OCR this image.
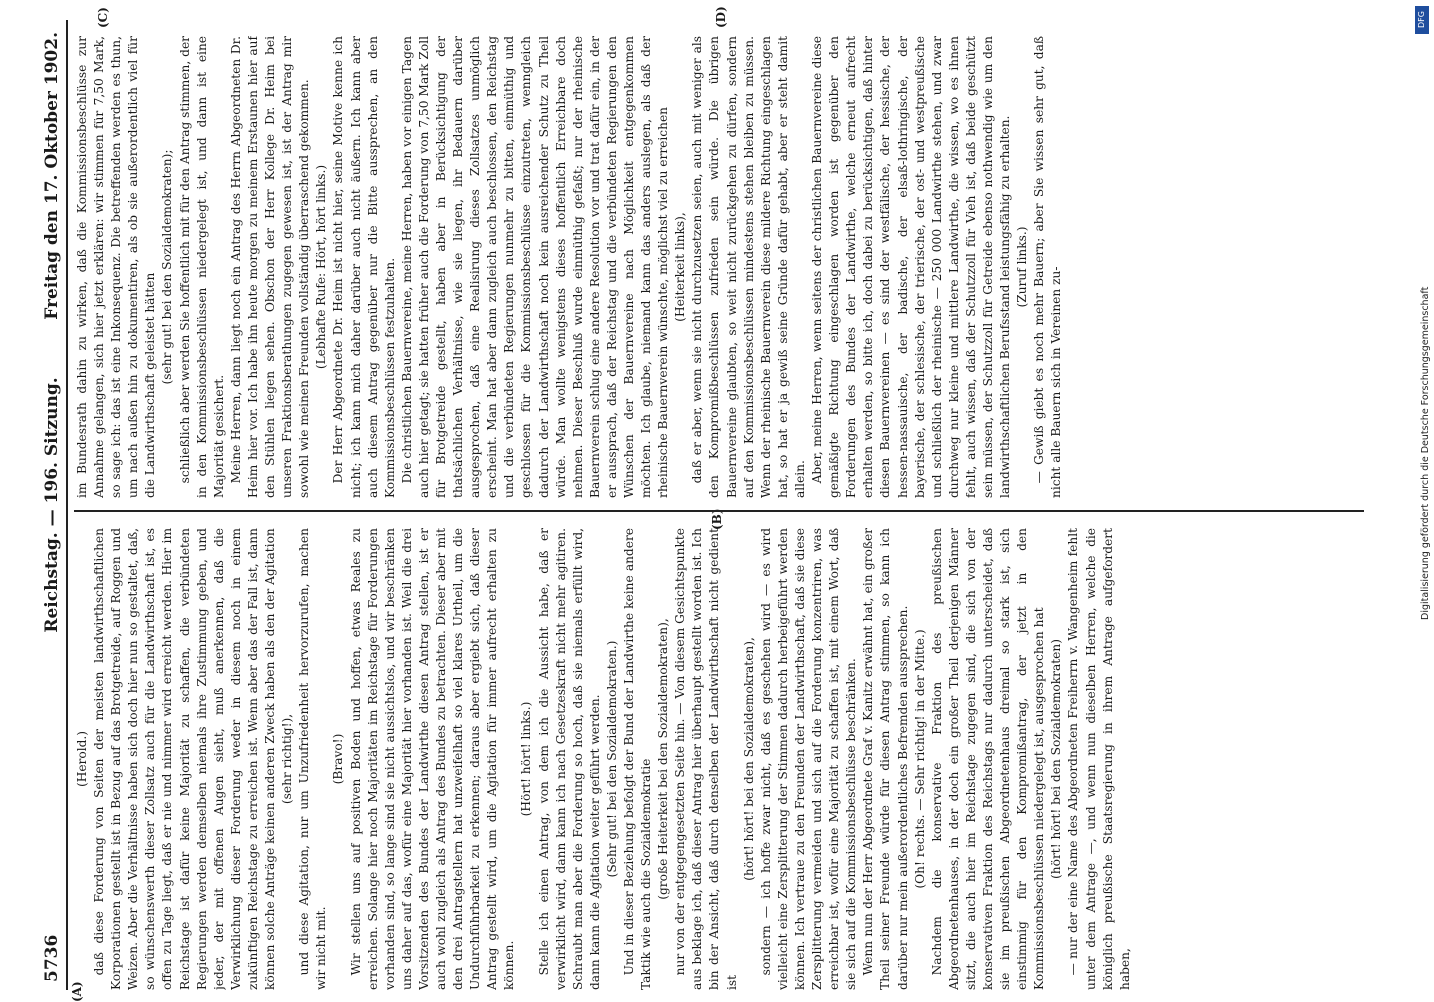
5736
Reichstag. — 196. Sitzung.
Freitag den 17. Oktober 1902.
(A)
(B)
(C)	(D)

(Herold.) daß diese Forderung von Seiten der meisten landwirthschaftlichen Korporationen gestellt ist in Bezug auf das Brotgetreide, auf Roggen und Weizen. Aber die Verhältnisse haben sich doch hier nun so gestaltet, daß, so wünschenswerth dieser Zollsatz auch für die Landwirthschaft ist, es offen zu Tage liegt, daß er nie und nimmer wird erreicht werden. Hier im Reichstage ist dafür keine Majorität zu schaffen, die verbündeten Regierungen werden demselben niemals ihre Zustimmung geben, und jeder, der mit offenen Augen sieht, muß anerkennen, daß die Verwirklichung dieser Forderung weder in diesem noch in einem zukünftigen Reichstage zu erreichen ist. Wenn aber das der Fall ist, dann können solche Anträge keinen anderen Zweck haben als den der Agitation (sehr richtig!), und diese Agitation, nur um Unzufriedenheit hervorzurufen, machen wir nicht mit.

(Bravo!) Wir stellen uns auf positiven Boden und hoffen, etwas Reales zu erreichen. Solange hier noch Majoritäten im Reichstage für Forderungen vorhanden sind, so lange sind sie nicht aussichtslos, und wir beschränken uns daher auf das, wofür eine Majorität hier vorhanden ist. Weil die drei Vorsitzenden des Bundes der Landwirthe diesen Antrag stellen, ist er auch wohl zugleich als Antrag des Bundes zu betrachten. Dieser aber mit den drei Antragstellern hat unzweifelhaft so viel klares Urtheil, um die Undurchführbarkeit zu erkennen; daraus aber ergiebt sich, daß dieser Antrag gestellt wird, um die Agitation für immer aufrecht erhalten zu können.

(Hört! hört! links.) Stelle ich einen Antrag, von dem ich die Aussicht habe, daß er verwirklicht wird, dann kann ich nach Gesetzeskraft nicht mehr agitiren. Schraubt man aber die Forderung so hoch, daß sie niemals erfüllt wird, dann kann die Agitation weiter geführt werden. (Sehr gut! bei den Sozialdemokraten.) Und in dieser Beziehung befolgt der Bund der Landwirthe keine andere Taktik wie auch die Sozialdemokratie (große Heiterkeit bei den Sozialdemokraten), nur von der entgegengesetzten Seite hin. — Von diesem Gesichtspunkte aus beklage ich, daß dieser Antrag hier überhaupt gestellt worden ist. Ich bin der Ansicht, daß durch denselben der Landwirthschaft nicht gedient ist

(hört! hört! bei den Sozialdemokraten), sondern — ich hoffe zwar nicht, daß es geschehen wird — es wird vielleicht eine Zersplitterung der Stimmen dadurch herbeigeführt werden können. Ich vertraue zu den Freunden der Landwirthschaft, daß sie diese Zersplitterung vermeiden und sich auf die Forderung konzentriren, was erreichbar ist, wofür eine Majorität zu schaffen ist, mit einem Wort, daß sie sich auf die Kommissionsbeschlüsse beschränken. Wenn nun der Herr Abgeordnete Graf v. Kanitz erwähnt hat, ein großer Theil seiner Freunde würde für diesen Antrag stimmen, so kann ich darüber nur mein außerordentliches Befremden aussprechen. (Oh! rechts. — Sehr richtig! in der Mitte.) Nachdem die konservative Fraktion des preußischen Abgeordnetenhauses, in der doch ein großer Theil derjenigen Männer sitzt, die auch hier im Reichstage zugegen sind, die sich von der konservativen Fraktion des Reichstags nur dadurch unterscheidet, daß sie im preußischen Abgeordnetenhaus dreimal so stark ist, sich einstimmig für den Kompromißantrag, der jetzt in den Kommissionsbeschlüssen niedergelegt ist, ausgesprochen hat (hört! hört! bei den Sozialdemokraten) — nur der eine Name des Abgeordneten Freiherrn v. Wangenheim fehlt unter dem Antrage —, und wenn nun dieselben Herren, welche die königlich preußische Staatsregierung in ihrem Antrage aufgefordert haben,

im Bundesrath dahin zu wirken, daß die Kommissionsbeschlüsse zur Annahme gelangen, sich hier jetzt erklären: wir stimmen für 7,50 Mark, so sage ich: das ist eine Inkonsequenz. Die betreffenden werden es thun, um nach außen hin zu dokumentiren, als ob sie außerordentlich viel für die Landwirthschaft geleistet hätten

(sehr gut! bei den Sozialdemokraten); schließlich aber werden Sie hoffentlich mit für den Antrag stimmen, der in den Kommissionsbeschlüssen niedergelegt ist, und dann ist eine Majorität gesichert. Meine Herren, dann liegt noch ein Antrag des Herrn Abgeordneten Dr. Heim hier vor. Ich habe ihn heute morgen zu meinem Erstaunen hier auf den Stühlen liegen sehen. Obschon der Herr Kollege Dr. Heim bei unseren Fraktionsberathungen zugegen gewesen ist, ist der Antrag mir sowohl wie meinen Freunden vollständig überraschend gekommen. (Lebhafte Rufe: Hört, hört links.) Der Herr Abgeordnete Dr. Heim ist nicht hier, seine Motive kenne ich nicht; ich kann mich daher darüber auch nicht äußern. Ich kann aber auch diesem Antrag gegenüber nur die Bitte aussprechen, an den Kommissionsbeschlüssen festzuhalten. Die christlichen Bauernvereine, meine Herren, haben vor einigen Tagen auch hier getagt; sie hatten früher auch die Forderung von 7,50 Mark Zoll für Brotgetreide gestellt, haben aber in Berücksichtigung der thatsächlichen Verhältnisse, wie sie liegen, ihr Bedauern darüber ausgesprochen, daß eine Realisirung dieses Zollsatzes unmöglich erscheint. Man hat aber dann zugleich auch beschlossen, den Reichstag und die verbündeten Regierungen nunmehr zu bitten, einmüthig und geschlossen für die Kommissionsbeschlüsse einzutreten, wenngleich dadurch der Landwirthschaft noch kein ausreichender Schutz zu Theil würde. Man wollte wenigstens dieses hoffentlich Erreichbare doch nehmen. Dieser Beschluß wurde einmüthig gefaßt; nur der rheinische Bauernverein schlug eine andere Resolution vor und trat dafür ein, in der er aussprach, daß der Reichstag und die verbündeten Regierungen den Wünschen der Bauernvereine nach Möglichkeit entgegenkommen möchten. Ich glaube, niemand kann das anders auslegen, als daß der rheinische Bauernverein wünschte, möglichst viel zu erreichen (Heiterkeit links), daß er aber, wenn sie nicht durchzusetzen seien, auch mit weniger als den Kompromißbeschlüssen zufrieden sein würde. Die übrigen Bauernvereine glaubten, so weit nicht zurückgehen zu dürfen, sondern auf den Kommissionsbeschlüssen mindestens stehen bleiben zu müssen. Wenn der rheinische Bauernverein diese mildere Richtung eingeschlagen hat, so hat er ja gewiß seine Gründe dafür gehabt, aber er steht damit allein. Aber, meine Herren, wenn seitens der christlichen Bauernvereine diese gemäßigte Richtung eingeschlagen worden ist gegenüber den Forderungen des Bundes der Landwirthe, welche erneut aufrecht erhalten werden, so bitte ich, doch dabei zu berücksichtigen, daß hinter diesen Bauernvereinen — es sind der westfälische, der hessische, der hessen-nassauische, der badische, der elsaß-lothringische, der bayerische, der schlesische, der trierische, der ost- und westpreußische und schließlich der rheinische — 250 000 Landwirthe stehen, und zwar durchweg nur kleine und mittlere Landwirthe, die wissen, wo es ihnen fehlt, auch wissen, daß der Schutzzoll für Vieh ist, daß beide geschützt sein müssen, der Schutzzoll für Getreide ebenso nothwendig wie um den landwirthschaftlichen Berufsstand leistungsfähig zu erhalten. (Zuruf links.) — Gewiß giebt es noch mehr Bauern; aber Sie wissen sehr gut, daß nicht alle Bauern sich in Vereinen zu-

DFG
Digitalisierung gefördert durch die Deutsche Forschungsgemeinschaft
